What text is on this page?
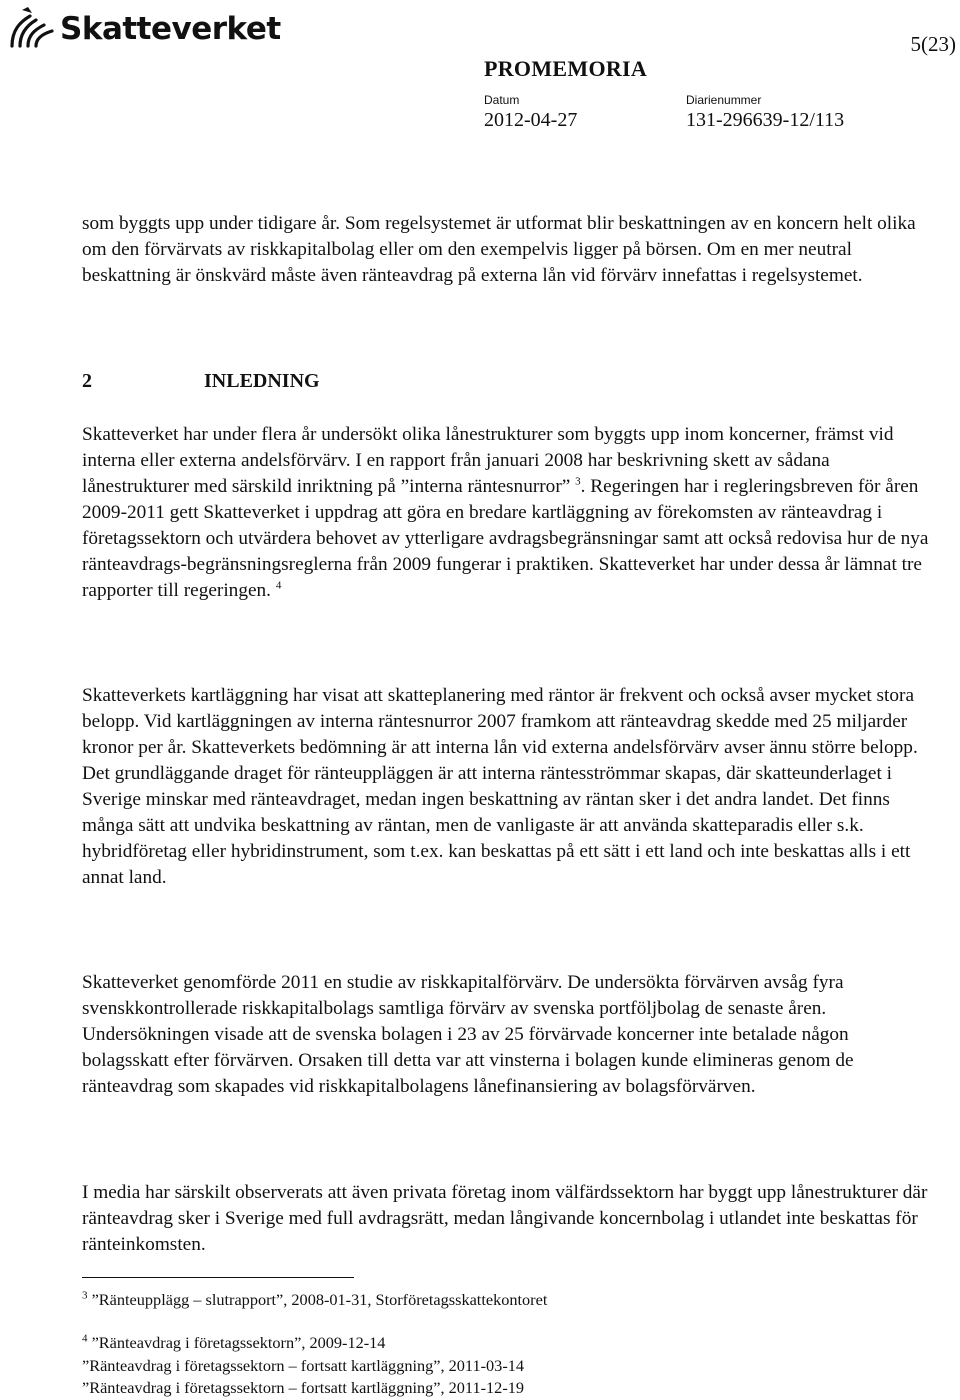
Skatteverket	5(23)
PROMEMORIA
Datum
2012-04-27
Diarienummer
131-296639-12/113

som byggts upp under tidigare år. Som regelsystemet är utformat blir beskattningen av en koncern helt olika om den förvärvats av riskkapitalbolag eller om den exempelvis ligger på börsen. Om en mer neutral beskattning är önskvärd måste även ränteavdrag på externa lån vid förvärv innefattas i regelsystemet.

2	INLEDNING

Skatteverket har under flera år undersökt olika lånestrukturer som byggts upp inom koncerner, främst vid interna eller externa andelsförvärv. I en rapport från januari 2008 har beskrivning skett av sådana lånestrukturer med särskild inriktning på ”interna räntesnurror” $^3$. Regeringen har i regleringsbreven för åren 2009-2011 gett Skatteverket i uppdrag att göra en bredare kartläggning av förekomsten av ränteavdrag i företagssektorn och utvärdera behovet av ytterligare avdragsbegränsningar samt att också redovisa hur de nya ränteavdrags-begränsningsreglerna från 2009 fungerar i praktiken. Skatteverket har under dessa år lämnat tre rapporter till regeringen. $^4$

Skatteverkets kartläggning har visat att skatteplanering med räntor är frekvent och också avser mycket stora belopp. Vid kartläggningen av interna räntesnurror 2007 framkom att ränteavdrag skedde med 25 miljarder kronor per år. Skatteverkets bedömning är att interna lån vid externa andelsförvärv avser ännu större belopp. Det grundläggande draget för ränteuppläggen är att interna räntesströmmar skapas, där skatteunderlaget i Sverige minskar med ränteavdraget, medan ingen beskattning av räntan sker i det andra landet. Det finns många sätt att undvika beskattning av räntan, men de vanligaste är att använda skatteparadis eller s.k. hybridföretag eller hybridinstrument, som t.ex. kan beskattas på ett sätt i ett land och inte beskattas alls i ett annat land.

Skatteverket genomförde 2011 en studie av riskkapitalförvärv. De undersökta förvärven avsåg fyra svenskkontrollerade riskkapitalbolags samtliga förvärv av svenska portföljbolag de senaste åren. Undersökningen visade att de svenska bolagen i 23 av 25 förvärvade koncerner inte betalade någon bolagsskatt efter förvärven. Orsaken till detta var att vinsterna i bolagen kunde elimineras genom de ränteavdrag som skapades vid riskkapitalbolagens lånefinansiering av bolagsförvärven.

I media har särskilt observerats att även privata företag inom välfärdssektorn har byggt upp lånestrukturer där ränteavdrag sker i Sverige med full avdragsrätt, medan långivande koncernbolag i utlandet inte beskattas för ränteinkomsten.

$^3$ ”Ränteupplägg – slutrapport”, 2008-01-31, Storföretagsskattekontoret
$^4$ ”Ränteavdrag i företagssektorn”, 2009-12-14
”Ränteavdrag i företagssektorn – fortsatt kartläggning”, 2011-03-14
”Ränteavdrag i företagssektorn – fortsatt kartläggning”, 2011-12-19
